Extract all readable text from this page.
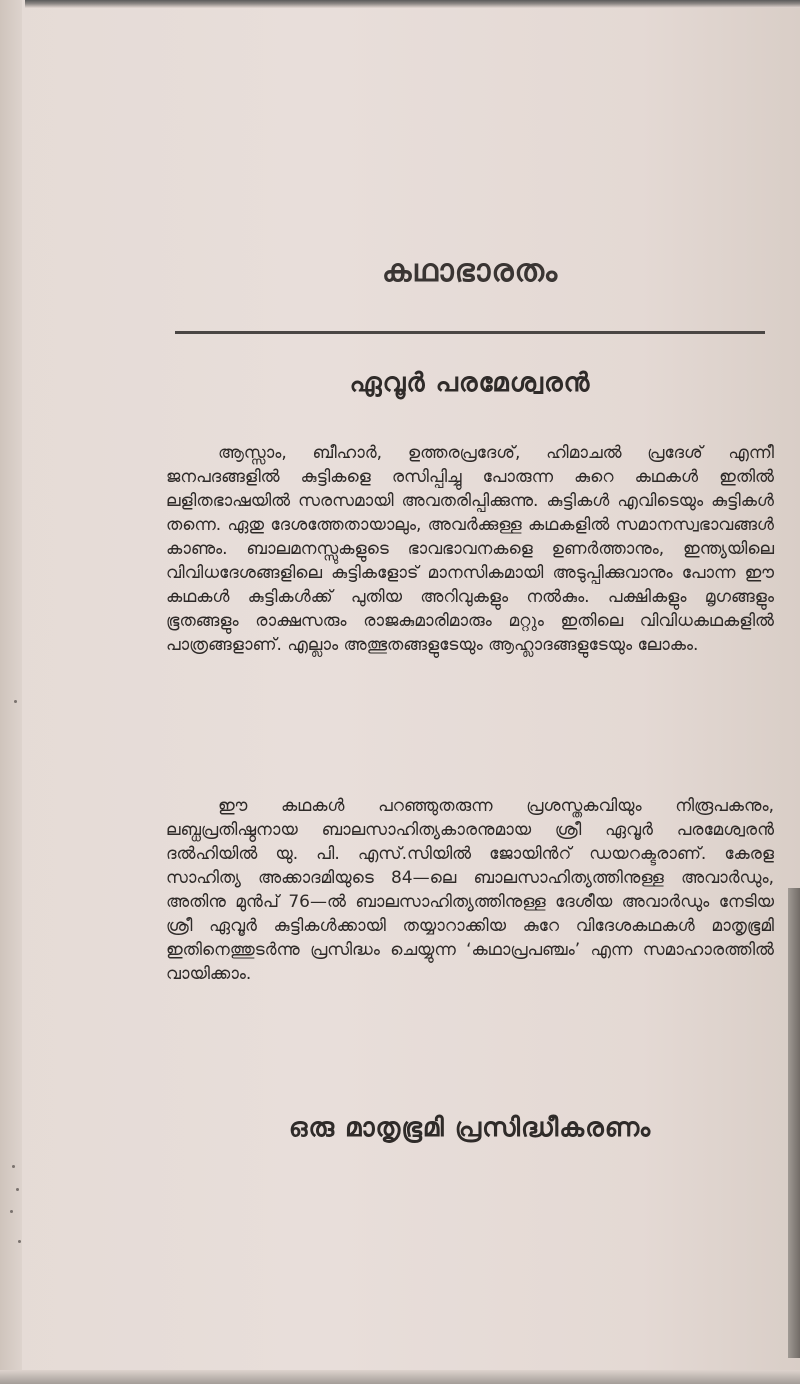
കഥാഭാരതം
ഏവൂർ പരമേശ്വരൻ

ആസ്സാം, ബീഹാർ, ഉത്തരപ്രദേശ്, ഹിമാചൽ പ്രദേശ് എന്നീ ജനപദങ്ങളിൽ കുട്ടികളെ രസിപ്പിച്ചു പോരുന്ന കുറെ കഥകൾ ഇതിൽ ലളിതഭാഷയിൽ സരസമായി അവതരിപ്പിക്കുന്നു. കുട്ടികൾ എവിടെയും കുട്ടികൾ തന്നെ. ഏതു ദേശത്തേതായാലും, അവർക്കുള്ള കഥകളിൽ സമാനസ്വഭാവങ്ങൾ കാണും. ബാലമനസ്സുകളുടെ ഭാവഭാവനകളെ ഉണർത്താനും, ഇന്ത്യയിലെ വിവിധദേശങ്ങളിലെ കുട്ടികളോട് മാനസികമായി അടുപ്പിക്കുവാനും പോന്ന ഈ കഥകൾ കുട്ടികൾക്ക് പുതിയ അറിവുകളും നൽകും. പക്ഷികളും മൃഗങ്ങളും ഭൂതങ്ങളും രാക്ഷസരും രാജകുമാരിമാരും മറ്റും ഇതിലെ വിവിധകഥകളിൽ പാത്രങ്ങളാണ്. എല്ലാം അത്ഭുതങ്ങളുടേയും ആഹ്ലാദങ്ങളുടേയും ലോകം.

ഈ കഥകൾ പറഞ്ഞുതരുന്ന പ്രശസ്തകവിയും നിരൂപകനും, ലബ്ധപ്രതിഷ്ഠനായ ബാലസാഹിത്യകാരനുമായ ശ്രീ ഏവൂർ പരമേശ്വരൻ ദൽഹിയിൽ യു. പി. എസ്.സിയിൽ ജോയിൻറ് ഡയറക്ടരാണ്. കേരള സാഹിത്യ അക്കാദമിയുടെ 84—ലെ ബാലസാഹിത്യത്തിനുള്ള അവാർഡും, അതിനു മുൻപ് 76—ൽ ബാലസാഹിത്യത്തിനുള്ള ദേശീയ അവാർഡും നേടിയ ശ്രീ ഏവൂർ കുട്ടികൾക്കായി തയ്യാറാക്കിയ കുറേ വിദേശകഥകൾ മാതൃഭൂമി ഇതിനെത്തുടർന്നു പ്രസിദ്ധം ചെയ്യുന്ന ‘കഥാപ്രപഞ്ചം’ എന്ന സമാഹാരത്തിൽ വായിക്കാം.

ഒരു മാതൃഭൂമി പ്രസിദ്ധീകരണം
